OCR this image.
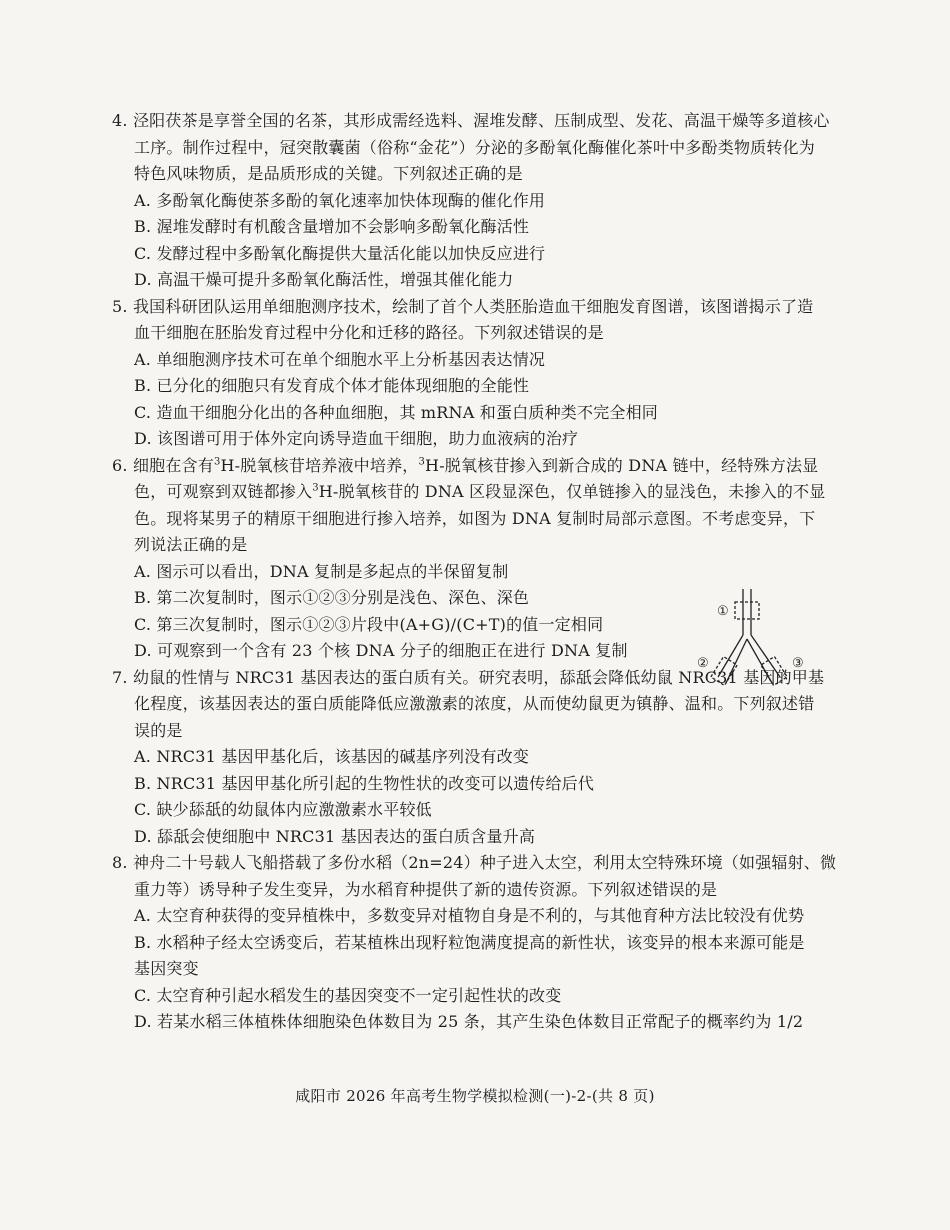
4. 泾阳茯茶是享誉全国的名茶，其形成需经选料、渥堆发酵、压制成型、发花、高温干燥等多道核心
工序。制作过程中，冠突散囊菌（俗称“金花”）分泌的多酚氧化酶催化茶叶中多酚类物质转化为
特色风味物质，是品质形成的关键。下列叙述正确的是
A. 多酚氧化酶使茶多酚的氧化速率加快体现酶的催化作用
B. 渥堆发酵时有机酸含量增加不会影响多酚氧化酶活性
C. 发酵过程中多酚氧化酶提供大量活化能以加快反应进行
D. 高温干燥可提升多酚氧化酶活性，增强其催化能力
5. 我国科研团队运用单细胞测序技术，绘制了首个人类胚胎造血干细胞发育图谱，该图谱揭示了造
血干细胞在胚胎发育过程中分化和迁移的路径。下列叙述错误的是
A. 单细胞测序技术可在单个细胞水平上分析基因表达情况
B. 已分化的细胞只有发育成个体才能体现细胞的全能性
C. 造血干细胞分化出的各种血细胞，其 mRNA 和蛋白质种类不完全相同
D. 该图谱可用于体外定向诱导造血干细胞，助力血液病的治疗
6. 细胞在含有$^3$H-脱氧核苷培养液中培养，$^3$H-脱氧核苷掺入到新合成的 DNA 链中，经特殊方法显
色，可观察到双链都掺入$^3$H-脱氧核苷的 DNA 区段显深色，仅单链掺入的显浅色，未掺入的不显
色。现将某男子的精原干细胞进行掺入培养，如图为 DNA 复制时局部示意图。不考虑变异，下
列说法正确的是
A. 图示可以看出，DNA 复制是多起点的半保留复制
B. 第二次复制时，图示①②③分别是浅色、深色、深色
C. 第三次复制时，图示①②③片段中(A+G)/(C+T)的值一定相同
D. 可观察到一个含有 23 个核 DNA 分子的细胞正在进行 DNA 复制
7. 幼鼠的性情与 NRC31 基因表达的蛋白质有关。研究表明，舔舐会降低幼鼠 NRC31 基因的甲基
化程度，该基因表达的蛋白质能降低应激激素的浓度，从而使幼鼠更为镇静、温和。下列叙述错
误的是
A. NRC31 基因甲基化后，该基因的碱基序列没有改变
B. NRC31 基因甲基化所引起的生物性状的改变可以遗传给后代
C. 缺少舔舐的幼鼠体内应激激素水平较低
D. 舔舐会使细胞中 NRC31 基因表达的蛋白质含量升高
8. 神舟二十号载人飞船搭载了多份水稻（2n=24）种子进入太空，利用太空特殊环境（如强辐射、微
重力等）诱导种子发生变异，为水稻育种提供了新的遗传资源。下列叙述错误的是
A. 太空育种获得的变异植株中，多数变异对植物自身是不利的，与其他育种方法比较没有优势
B. 水稻种子经太空诱变后，若某植株出现籽粒饱满度提高的新性状，该变异的根本来源可能是
基因突变
C. 太空育种引起水稻发生的基因突变不一定引起性状的改变
D. 若某水稻三体植株体细胞染色体数目为 25 条，其产生染色体数目正常配子的概率约为 1/2
①
②	③
咸阳市 2026 年高考生物学模拟检测(一)-2-(共 8 页)
